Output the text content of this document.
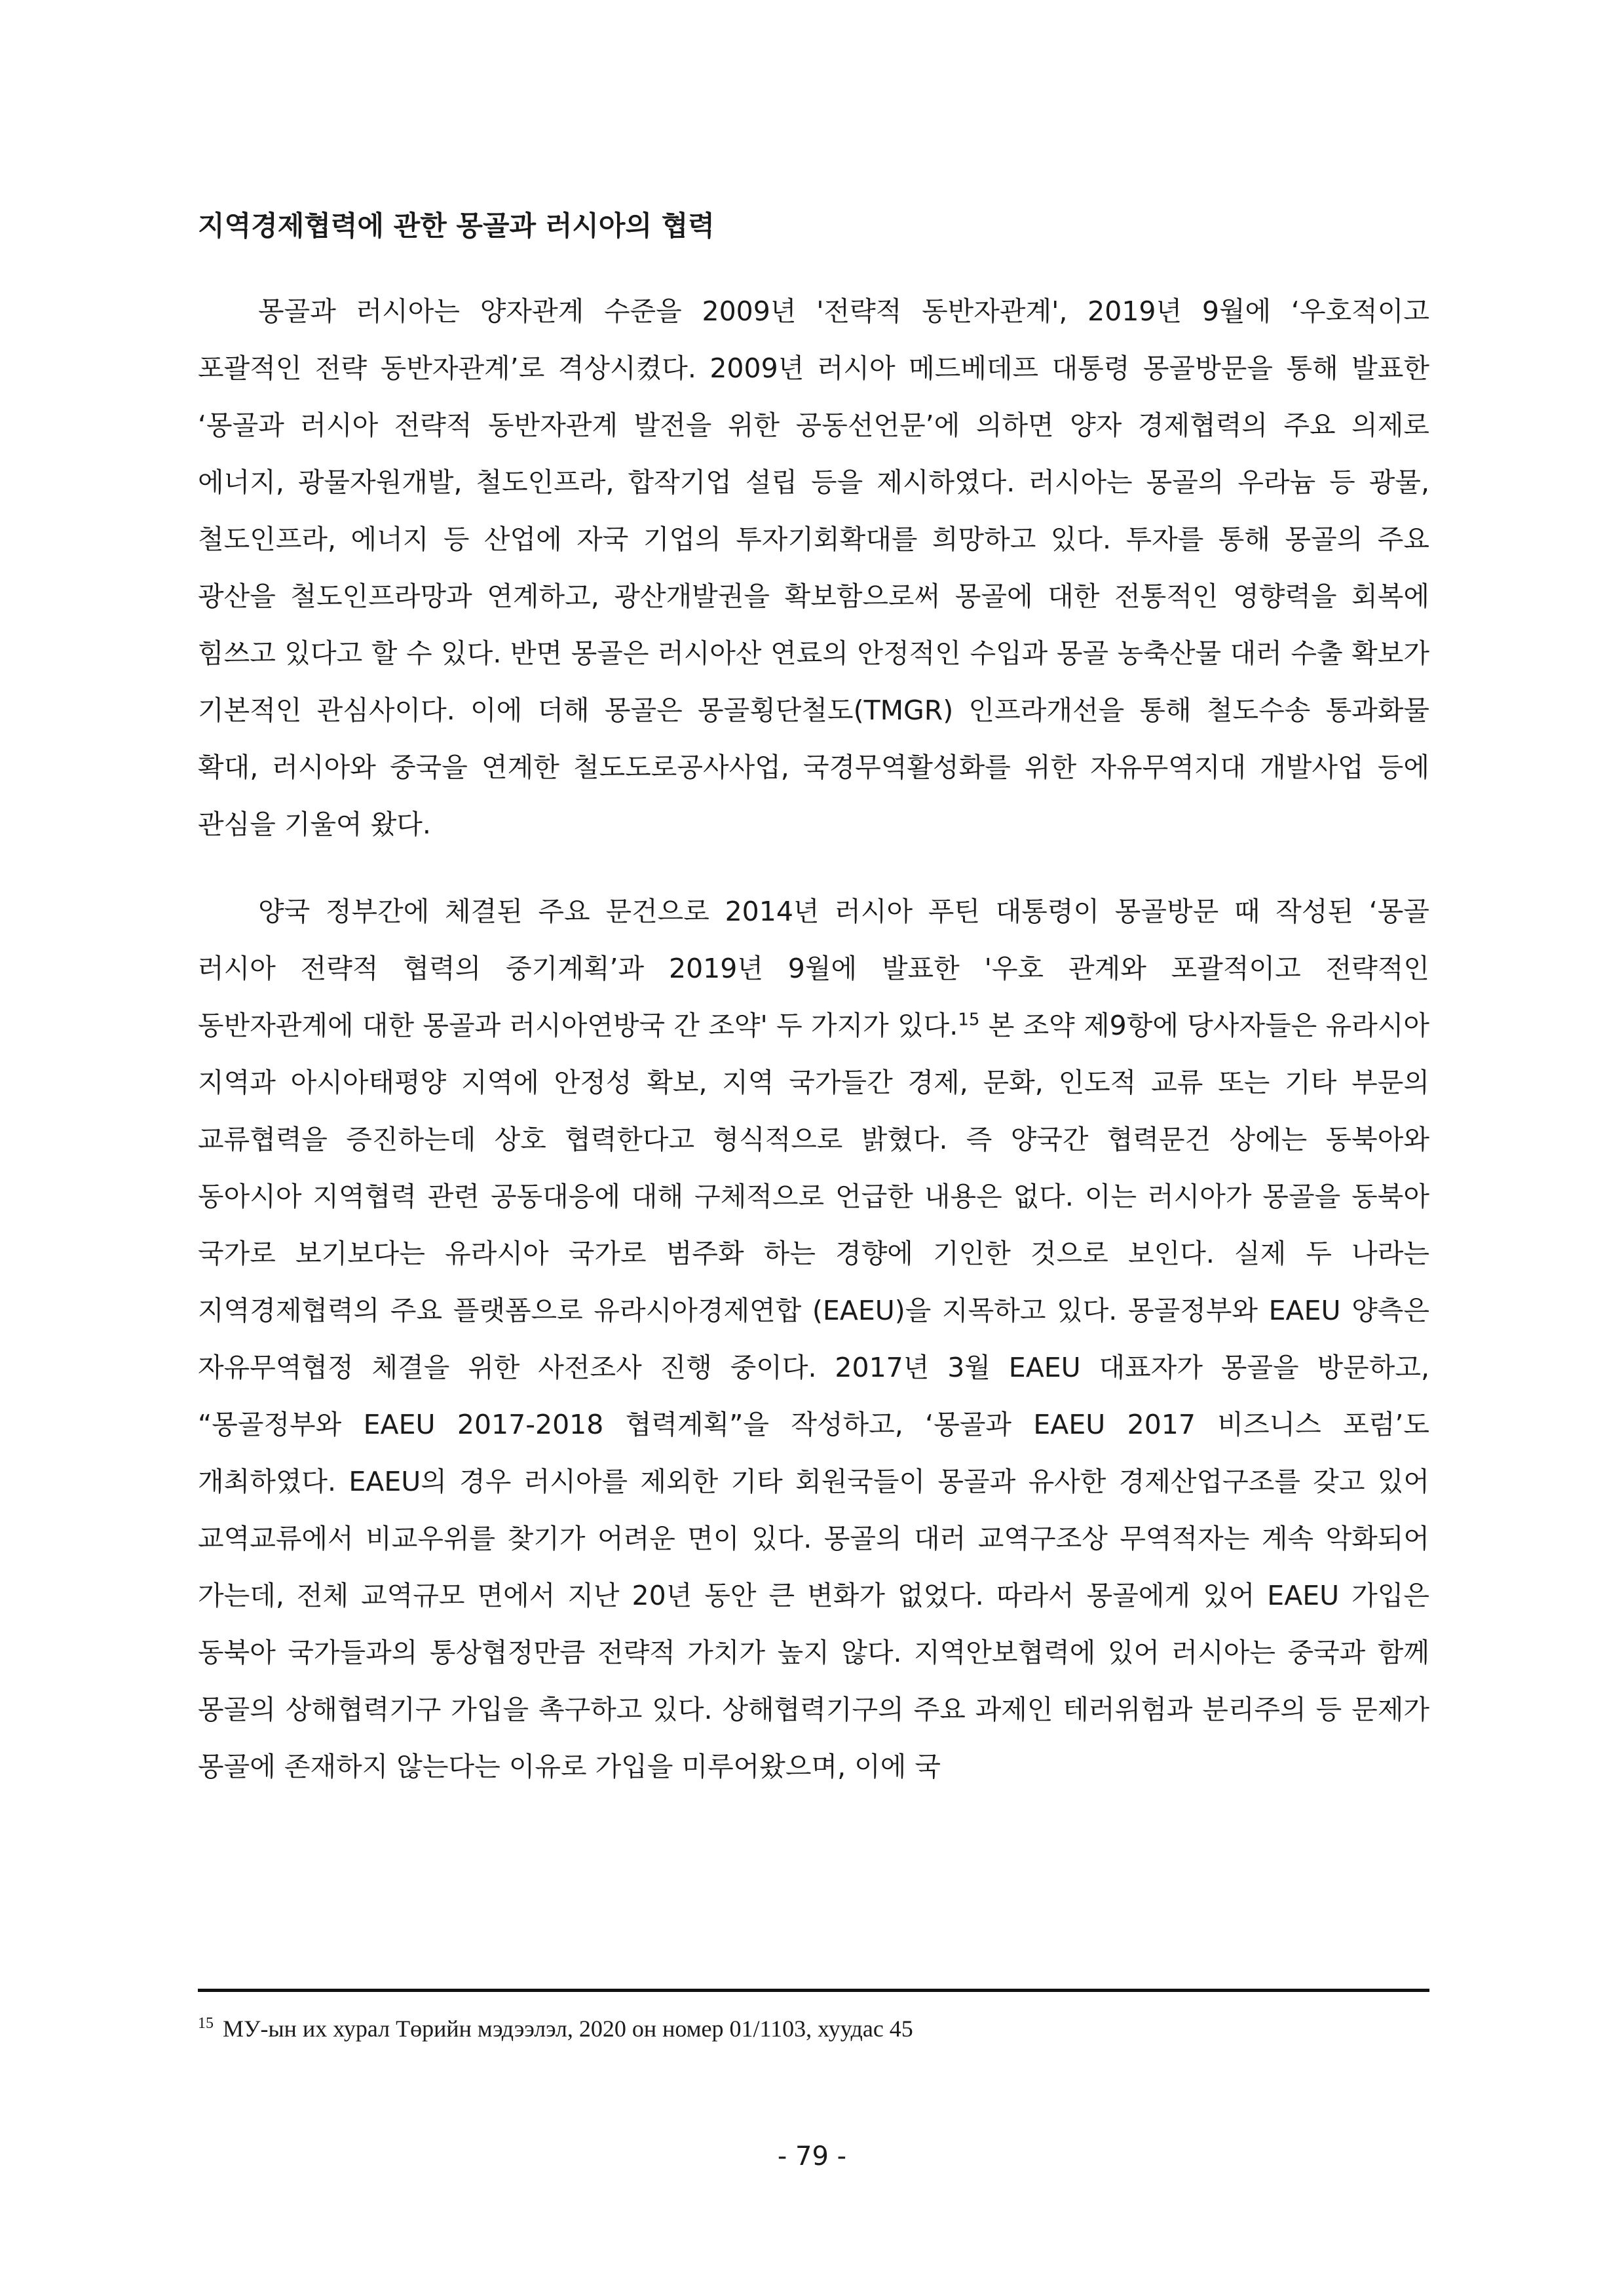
지역경제협력에 관한 몽골과 러시아의 협력

몽골과 러시아는 양자관계 수준을 2009년 '전략적 동반자관계', 2019년 9월에 ‘우호적이고 포괄적인 전략 동반자관계’로 격상시켰다. 2009년 러시아 메드베데프 대통령 몽골방문을 통해 발표한 ‘몽골과 러시아 전략적 동반자관계 발전을 위한 공동선언문’에 의하면 양자 경제협력의 주요 의제로 에너지, 광물자원개발, 철도인프라, 합작기업 설립 등을 제시하였다. 러시아는 몽골의 우라늄 등 광물, 철도인프라, 에너지 등 산업에 자국 기업의 투자기회확대를 희망하고 있다. 투자를 통해 몽골의 주요 광산을 철도인프라망과 연계하고, 광산개발권을 확보함으로써 몽골에 대한 전통적인 영향력을 회복에 힘쓰고 있다고 할 수 있다. 반면 몽골은 러시아산 연료의 안정적인 수입과 몽골 농축산물 대러 수출 확보가 기본적인 관심사이다. 이에 더해 몽골은 몽골횡단철도(TMGR) 인프라개선을 통해 철도수송 통과화물 확대, 러시아와 중국을 연계한 철도도로공사사업, 국경무역활성화를 위한 자유무역지대 개발사업 등에 관심을 기울여 왔다.

양국 정부간에 체결된 주요 문건으로 2014년 러시아 푸틴 대통령이 몽골방문 때 작성된 ‘몽골 러시아 전략적 협력의 중기계획’과 2019년 9월에 발표한 '우호 관계와 포괄적이고 전략적인 동반자관계에 대한 몽골과 러시아연방국 간 조약' 두 가지가 있다.$^{15}$ 본 조약 제9항에 당사자들은 유라시아 지역과 아시아태평양 지역에 안정성 확보, 지역 국가들간 경제, 문화, 인도적 교류 또는 기타 부문의 교류협력을 증진하는데 상호 협력한다고 형식적으로 밝혔다. 즉 양국간 협력문건 상에는 동북아와 동아시아 지역협력 관련 공동대응에 대해 구체적으로 언급한 내용은 없다. 이는 러시아가 몽골을 동북아 국가로 보기보다는 유라시아 국가로 범주화 하는 경향에 기인한 것으로 보인다. 실제 두 나라는 지역경제협력의 주요 플랫폼으로 유라시아경제연합 (EAEU)을 지목하고 있다. 몽골정부와 EAEU 양측은 자유무역협정 체결을 위한 사전조사 진행 중이다. 2017년 3월 EAEU 대표자가 몽골을 방문하고, “몽골정부와 EAEU 2017-2018 협력계획”을 작성하고, ‘몽골과 EAEU 2017 비즈니스 포럼’도 개최하였다. EAEU의 경우 러시아를 제외한 기타 회원국들이 몽골과 유사한 경제산업구조를 갖고 있어 교역교류에서 비교우위를 찾기가 어려운 면이 있다. 몽골의 대러 교역구조상 무역적자는 계속 악화되어 가는데, 전체 교역규모 면에서 지난 20년 동안 큰 변화가 없었다. 따라서 몽골에게 있어 EAEU 가입은 동북아 국가들과의 통상협정만큼 전략적 가치가 높지 않다. 지역안보협력에 있어 러시아는 중국과 함께 몽골의 상해협력기구 가입을 촉구하고 있다. 상해협력기구의 주요 과제인 테러위험과 분리주의 등 문제가 몽골에 존재하지 않는다는 이유로 가입을 미루어왔으며, 이에 국

$^{15}$ МУ-ын их хурал Төрийн мэдээлэл, 2020 он номер 01/1103, хуудас 45

- 79 -
